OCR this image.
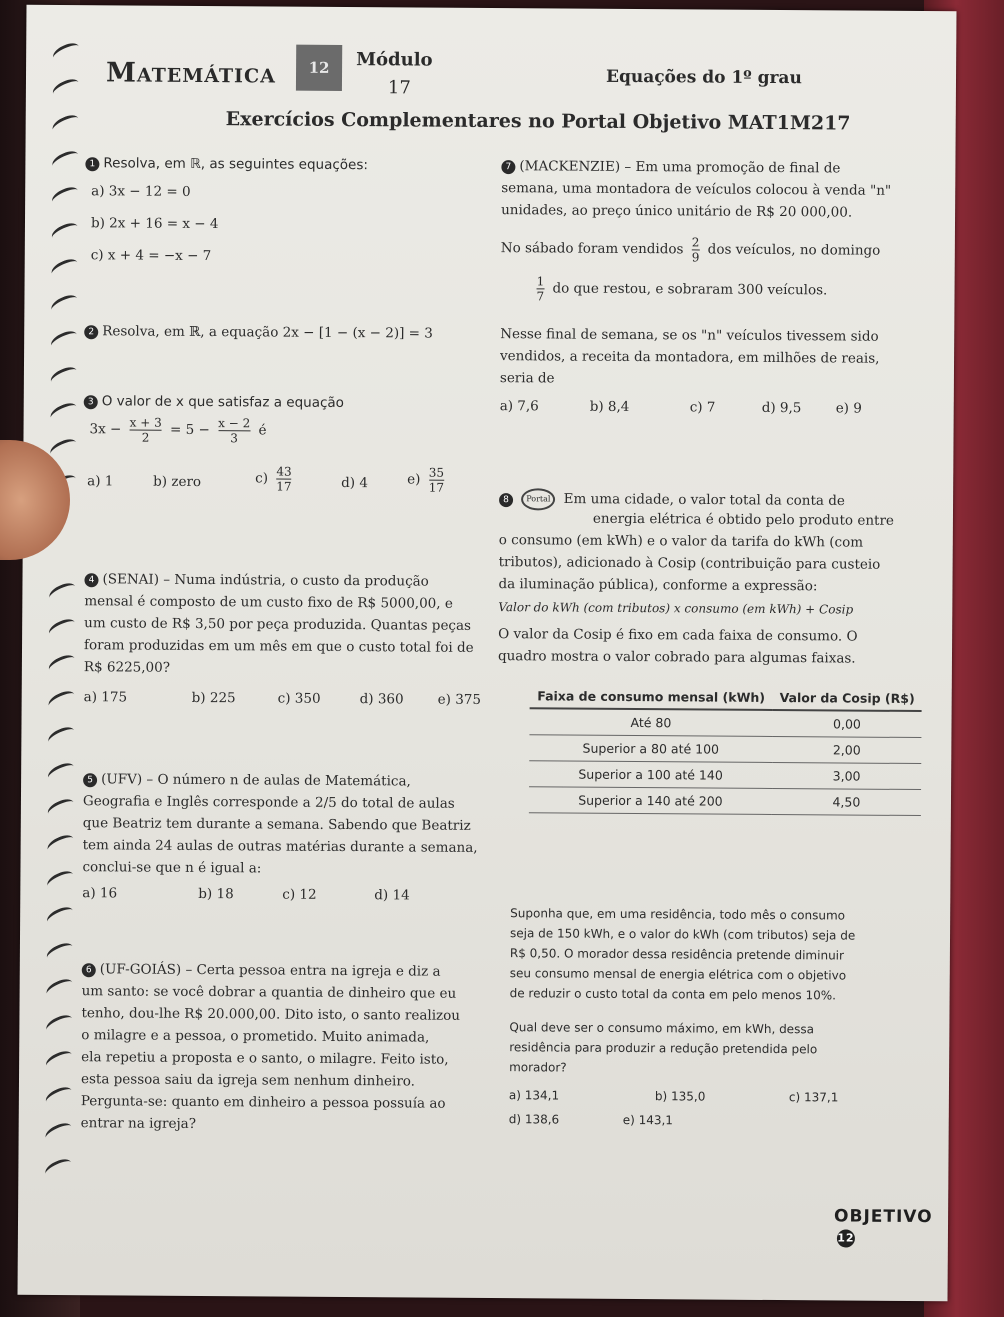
Matemática	12	Módulo
17	Equações do 1º grau
Exercícios Complementares no Portal Objetivo MAT1M217
1 Resolva, em ℝ, as seguintes equações:
a) 3x − 12 = 0
b) 2x + 16 = x − 4
c) x + 4 = −x − 7
2 Resolva, em ℝ, a equação 2x − [1 − (x − 2)] = 3
3 O valor de x que satisfaz a equação
$3x - \frac{x + 3}{2} = 5 - \frac{x - 2}{3}$ é
a) 1	b) zero	$c) \frac{43}{17}$	d) 4	$e) \frac{35}{17}$
4 (SENAI) – Numa indústria, o custo da produção
mensal é composto de um custo fixo de R$ 5000,00, e
um custo de R$ 3,50 por peça produzida. Quantas peças
foram produzidas em um mês em que o custo total foi de
R$ 6225,00?
a) 175	b) 225	c) 350	d) 360	e) 375
5 (UFV) – O número n de aulas de Matemática,
Geografia e Inglês corresponde a 2/5 do total de aulas
que Beatriz tem durante a semana. Sabendo que Beatriz
tem ainda 24 aulas de outras matérias durante a semana,
conclui-se que n é igual a:
a) 16	b) 18	c) 12	d) 14
6 (UF-GOIÁS) – Certa pessoa entra na igreja e diz a
um santo: se você dobrar a quantia de dinheiro que eu
tenho, dou-lhe R$ 20.000,00. Dito isto, o santo realizou
o milagre e a pessoa, o prometido. Muito animada,
ela repetiu a proposta e o santo, o milagre. Feito isto,
esta pessoa saiu da igreja sem nenhum dinheiro.
Pergunta-se: quanto em dinheiro a pessoa possuía ao
entrar na igreja?
7 (MACKENZIE) – Em uma promoção de final de
semana, uma montadora de veículos colocou à venda "n"
unidades, ao preço único unitário de R$ 20 000,00.
No sábado foram vendidos $\frac{2}{9}$ dos veículos, no domingo
$\frac{1}{7}$ do que restou, e sobraram 300 veículos.
Nesse final de semana, se os "n" veículos tivessem sido
vendidos, a receita da montadora, em milhões de reais,
seria de
a) 7,6	b) 8,4	c) 7	d) 9,5	e) 9
8 Portal Em uma cidade, o valor total da conta de
energia elétrica é obtido pelo produto entre
o consumo (em kWh) e o valor da tarifa do kWh (com
tributos), adicionado à Cosip (contribuição para custeio
da iluminação pública), conforme a expressão:
Valor do kWh (com tributos) x consumo (em kWh) + Cosip
O valor da Cosip é fixo em cada faixa de consumo. O
quadro mostra o valor cobrado para algumas faixas.
Faixa de consumo mensal (kWh)	Valor da Cosip (R$)
Até 80	0,00
Superior a 80 até 100	2,00
Superior a 100 até 140	3,00
Superior a 140 até 200	4,50
Suponha que, em uma residência, todo mês o consumo
seja de 150 kWh, e o valor do kWh (com tributos) seja de
R$ 0,50. O morador dessa residência pretende diminuir
seu consumo mensal de energia elétrica com o objetivo
de reduzir o custo total da conta em pelo menos 10%.
Qual deve ser o consumo máximo, em kWh, dessa
residência para produzir a redução pretendida pelo
morador?
a) 134,1	b) 135,0	c) 137,1
d) 138,6	e) 143,1
OBJETIVO12
